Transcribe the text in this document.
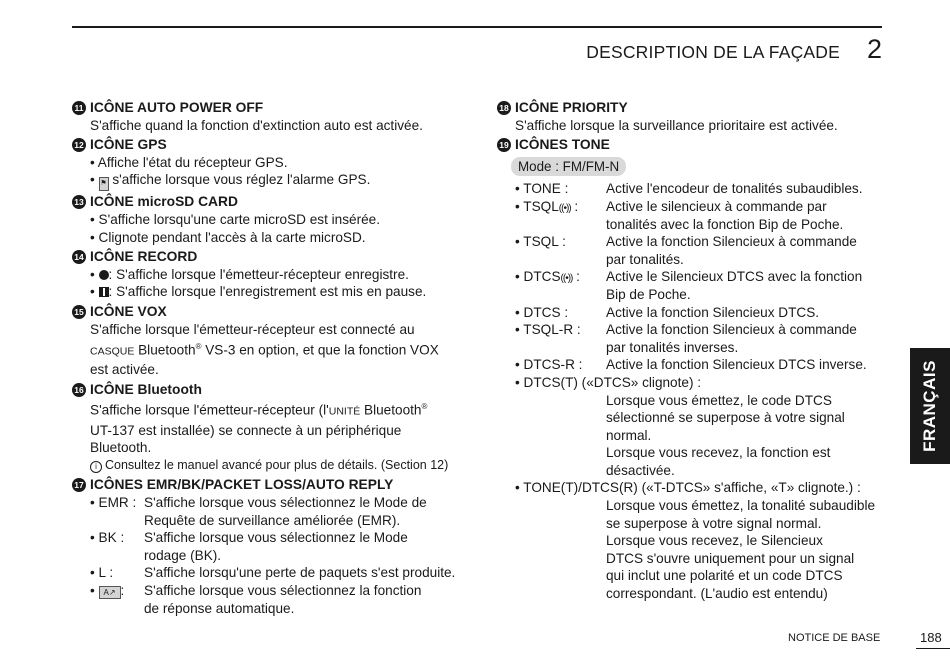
DESCRIPTION DE LA FAÇADE 2
11 ICÔNE AUTO POWER OFF
S'affiche quand la fonction d'extinction auto est activée.
12 ICÔNE GPS
• Affiche l'état du récepteur GPS.
• ⚑ s'affiche lorsque vous réglez l'alarme GPS.
13 ICÔNE microSD CARD
• S'affiche lorsqu'une carte microSD est insérée.
• Clignote pendant l'accès à la carte microSD.
14 ICÔNE RECORD
• : S'affiche lorsque l'émetteur-récepteur enregistre.
• : S'affiche lorsque l'enregistrement est mis en pause.
15 ICÔNE VOX
S'affiche lorsque l'émetteur-récepteur est connecté au
CASQUE Bluetooth® VS-3 en option, et que la fonction VOX
est activée.
16 ICÔNE Bluetooth
S'affiche lorsque l'émetteur-récepteur (l'UNITÉ Bluetooth®
UT-137 est installée) se connecte à un périphérique
Bluetooth.
i Consultez le manuel avancé pour plus de détails. (Section 12)
17 ICÔNES EMR/BK/PACKET LOSS/AUTO REPLY
• EMR : S'affiche lorsque vous sélectionnez le Mode de
Requête de surveillance améliorée (EMR).
• BK :	S'affiche lorsque vous sélectionnez le Mode
rodage (BK).
• L :	S'affiche lorsqu'une perte de paquets s'est produite.
• A↗ :	S'affiche lorsque vous sélectionnez la fonction
de réponse automatique.
18 ICÔNE PRIORITY
S'affiche lorsque la surveillance prioritaire est activée.
19 ICÔNES TONE
Mode : FM/FM-N
• TONE :	Active l'encodeur de tonalités subaudibles.
• TSQL((•)) :	Active le silencieux à commande par
tonalités avec la fonction Bip de Poche.
• TSQL :	Active la fonction Silencieux à commande
par tonalités.
• DTCS((•)) :	Active le Silencieux DTCS avec la fonction
Bip de Poche.
• DTCS :	Active la fonction Silencieux DTCS.
• TSQL-R :	Active la fonction Silencieux à commande
par tonalités inverses.
• DTCS-R :	Active la fonction Silencieux DTCS inverse.
• DTCS(T) («DTCS» clignote) :
Lorsque vous émettez, le code DTCS
sélectionné se superpose à votre signal
normal.
Lorsque vous recevez, la fonction est
désactivée.
• TONE(T)/DTCS(R) («T-DTCS» s'affiche, «T» clignote.) :
Lorsque vous émettez, la tonalité subaudible
se superpose à votre signal normal.
Lorsque vous recevez, le Silencieux
DTCS s'ouvre uniquement pour un signal
qui inclut une polarité et un code DTCS
correspondant. (L'audio est entendu)
FRANÇAIS
NOTICE DE BASE	188
